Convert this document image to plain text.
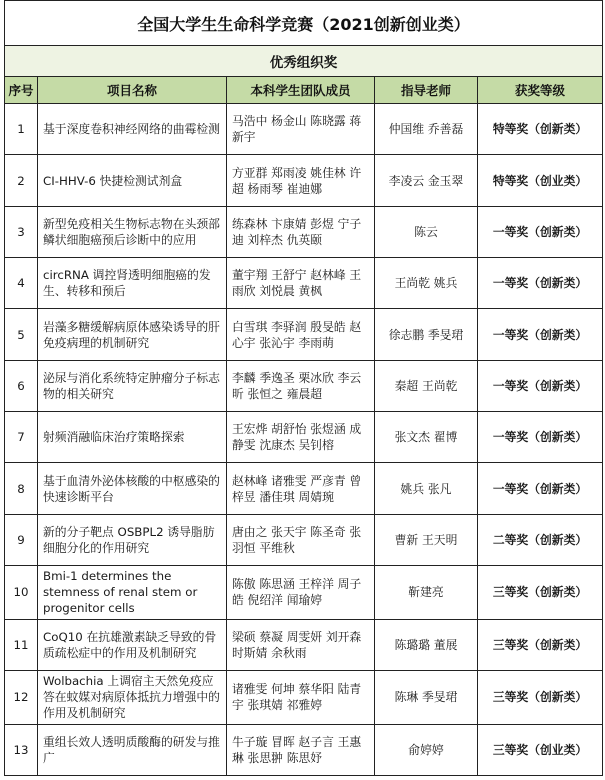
全国大学生生命科学竞赛（2021创新创业类）				
优秀组织奖				
序号	项目名称	本科学生团队成员	指导老师	获奖等级
1	基于深度卷积神经网络的曲霉检测	马浩中 杨金山 陈晓露 蒋新宇	仲国维 乔善磊	特等奖（创新类）
2	CI-HHV-6 快捷检测试剂盒	方亚群 郑雨凌 姚佳林 许超 杨雨琴 崔迪娜	李凌云 金玉翠	特等奖（创业类）
3	新型免疫相关生物标志物在头颈部鳞状细胞癌预后诊断中的应用	练森林 卞康婧 彭煜 宁子迪 刘梓杰 仇英颐	陈云	一等奖（创新类）
4	circRNA 调控肾透明细胞癌的发生、转移和预后	董宇翔 王舒宁 赵林峰 王雨欣 刘悦晨 黄枫	王尚乾 姚兵	一等奖（创新类）
5	岩藻多糖缓解病原体感染诱导的肝免疫病理的机制研究	白雪琪 李驿润 殷旻皓 赵心宇 张沁宇 李雨萌	徐志鹏 季旻珺	一等奖（创新类）
6	泌尿与消化系统特定肿瘤分子标志物的相关研究	李麟 季逸圣 栗冰欣 李云昕 张恒之 雍晨超	秦超 王尚乾	一等奖（创新类）
7	射频消融临床治疗策略探索	王宏烨 胡舒怡 张煜涵 成静雯 沈康杰 吴钊榕	张文杰 翟博	一等奖（创新类）
8	基于血清外泌体核酸的中枢感染的快速诊断平台	赵林峰 诸雅雯 严彦青 曾梓昱 潘佳琪 周婧琬	姚兵 张凡	一等奖（创新类）
9	新的分子靶点 OSBPL2 诱导脂肪细胞分化的作用研究	唐由之 张天宇 陈圣奇 张羽恒 平维秋	曹新 王天明	二等奖（创新类）
10	Bmi-1 determines the stemness of renal stem or progenitor cells	陈傲 陈思涵 王梓洋 周子皓 倪绍洋 闻瑜婷	靳建亮	三等奖（创新类）
11	CoQ10 在抗雄激素缺乏导致的骨质疏松症中的作用及机制研究	梁硕 蔡凝 周雯妍 刘开森 时斯婧 余秋雨	陈璐璐 董展	三等奖（创新类）
12	Wolbachia 上调宿主天然免疫应答在蚊媒对病原体抵抗力增强中的作用及机制研究	诸雅雯 何坤 蔡华阳 陆青宇 张琪婧 祁雅婷	陈琳 季旻珺	三等奖（创新类）
13	重组长效人透明质酸酶的研发与推广	牛子璇 冒晖 赵子言 王惠琳 张思翀 陈思妤	俞婷婷	三等奖（创业类）
